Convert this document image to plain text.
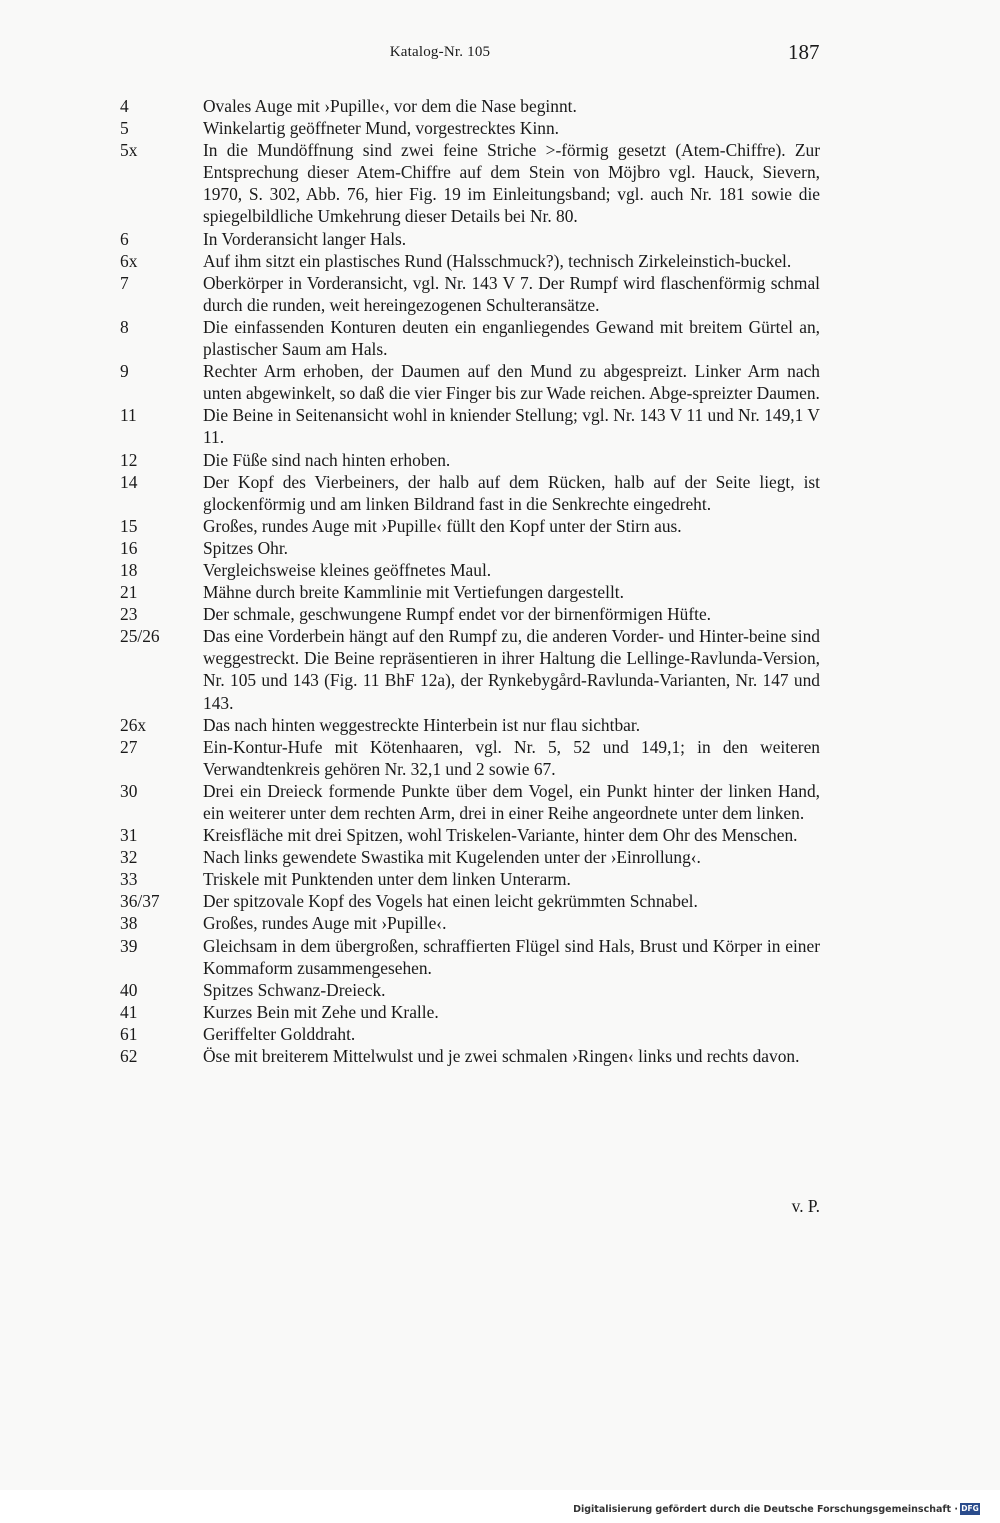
Katalog-Nr. 105	187
4	Ovales Auge mit ›Pupille‹, vor dem die Nase beginnt.
5	Winkelartig geöffneter Mund, vorgestrecktes Kinn.
5x	In die Mundöffnung sind zwei feine Striche >-förmig gesetzt (Atem-Chiffre). Zur Entsprechung dieser Atem-Chiffre auf dem Stein von Möjbro vgl. Hauck, Sievern, 1970, S. 302, Abb. 76, hier Fig. 19 im Einleitungsband; vgl. auch Nr. 181 sowie die spiegelbildliche Umkehrung dieser Details bei Nr. 80.
6	In Vorderansicht langer Hals.
6x	Auf ihm sitzt ein plastisches Rund (Halsschmuck?), technisch Zirkeleinstich-buckel.
7	Oberkörper in Vorderansicht, vgl. Nr. 143 V 7. Der Rumpf wird flaschenförmig schmal durch die runden, weit hereingezogenen Schulteransätze.
8	Die einfassenden Konturen deuten ein enganliegendes Gewand mit breitem Gürtel an, plastischer Saum am Hals.
9	Rechter Arm erhoben, der Daumen auf den Mund zu abgespreizt. Linker Arm nach unten abgewinkelt, so daß die vier Finger bis zur Wade reichen. Abge-spreizter Daumen.
11	Die Beine in Seitenansicht wohl in kniender Stellung; vgl. Nr. 143 V 11 und Nr. 149,1 V 11.
12	Die Füße sind nach hinten erhoben.
14	Der Kopf des Vierbeiners, der halb auf dem Rücken, halb auf der Seite liegt, ist glockenförmig und am linken Bildrand fast in die Senkrechte eingedreht.
15	Großes, rundes Auge mit ›Pupille‹ füllt den Kopf unter der Stirn aus.
16	Spitzes Ohr.
18	Vergleichsweise kleines geöffnetes Maul.
21	Mähne durch breite Kammlinie mit Vertiefungen dargestellt.
23	Der schmale, geschwungene Rumpf endet vor der birnenförmigen Hüfte.
25/26	Das eine Vorderbein hängt auf den Rumpf zu, die anderen Vorder- und Hinter-beine sind weggestreckt. Die Beine repräsentieren in ihrer Haltung die Lellinge-Ravlunda-Version, Nr. 105 und 143 (Fig. 11 BhF 12a), der Rynkebygård-Ravlunda-Varianten, Nr. 147 und 143.
26x	Das nach hinten weggestreckte Hinterbein ist nur flau sichtbar.
27	Ein-Kontur-Hufe mit Kötenhaaren, vgl. Nr. 5, 52 und 149,1; in den weiteren Verwandtenkreis gehören Nr. 32,1 und 2 sowie 67.
30	Drei ein Dreieck formende Punkte über dem Vogel, ein Punkt hinter der linken Hand, ein weiterer unter dem rechten Arm, drei in einer Reihe angeordnete unter dem linken.
31	Kreisfläche mit drei Spitzen, wohl Triskelen-Variante, hinter dem Ohr des Menschen.
32	Nach links gewendete Swastika mit Kugelenden unter der ›Einrollung‹.
33	Triskele mit Punktenden unter dem linken Unterarm.
36/37	Der spitzovale Kopf des Vogels hat einen leicht gekrümmten Schnabel.
38	Großes, rundes Auge mit ›Pupille‹.
39	Gleichsam in dem übergroßen, schraffierten Flügel sind Hals, Brust und Körper in einer Kommaform zusammengesehen.
40	Spitzes Schwanz-Dreieck.
41	Kurzes Bein mit Zehe und Kralle.
61	Geriffelter Golddraht.
62	Öse mit breiterem Mittelwulst und je zwei schmalen ›Ringen‹ links und rechts davon.
v. P.
Digitalisierung gefördert durch die Deutsche Forschungsgemeinschaft · DFG
